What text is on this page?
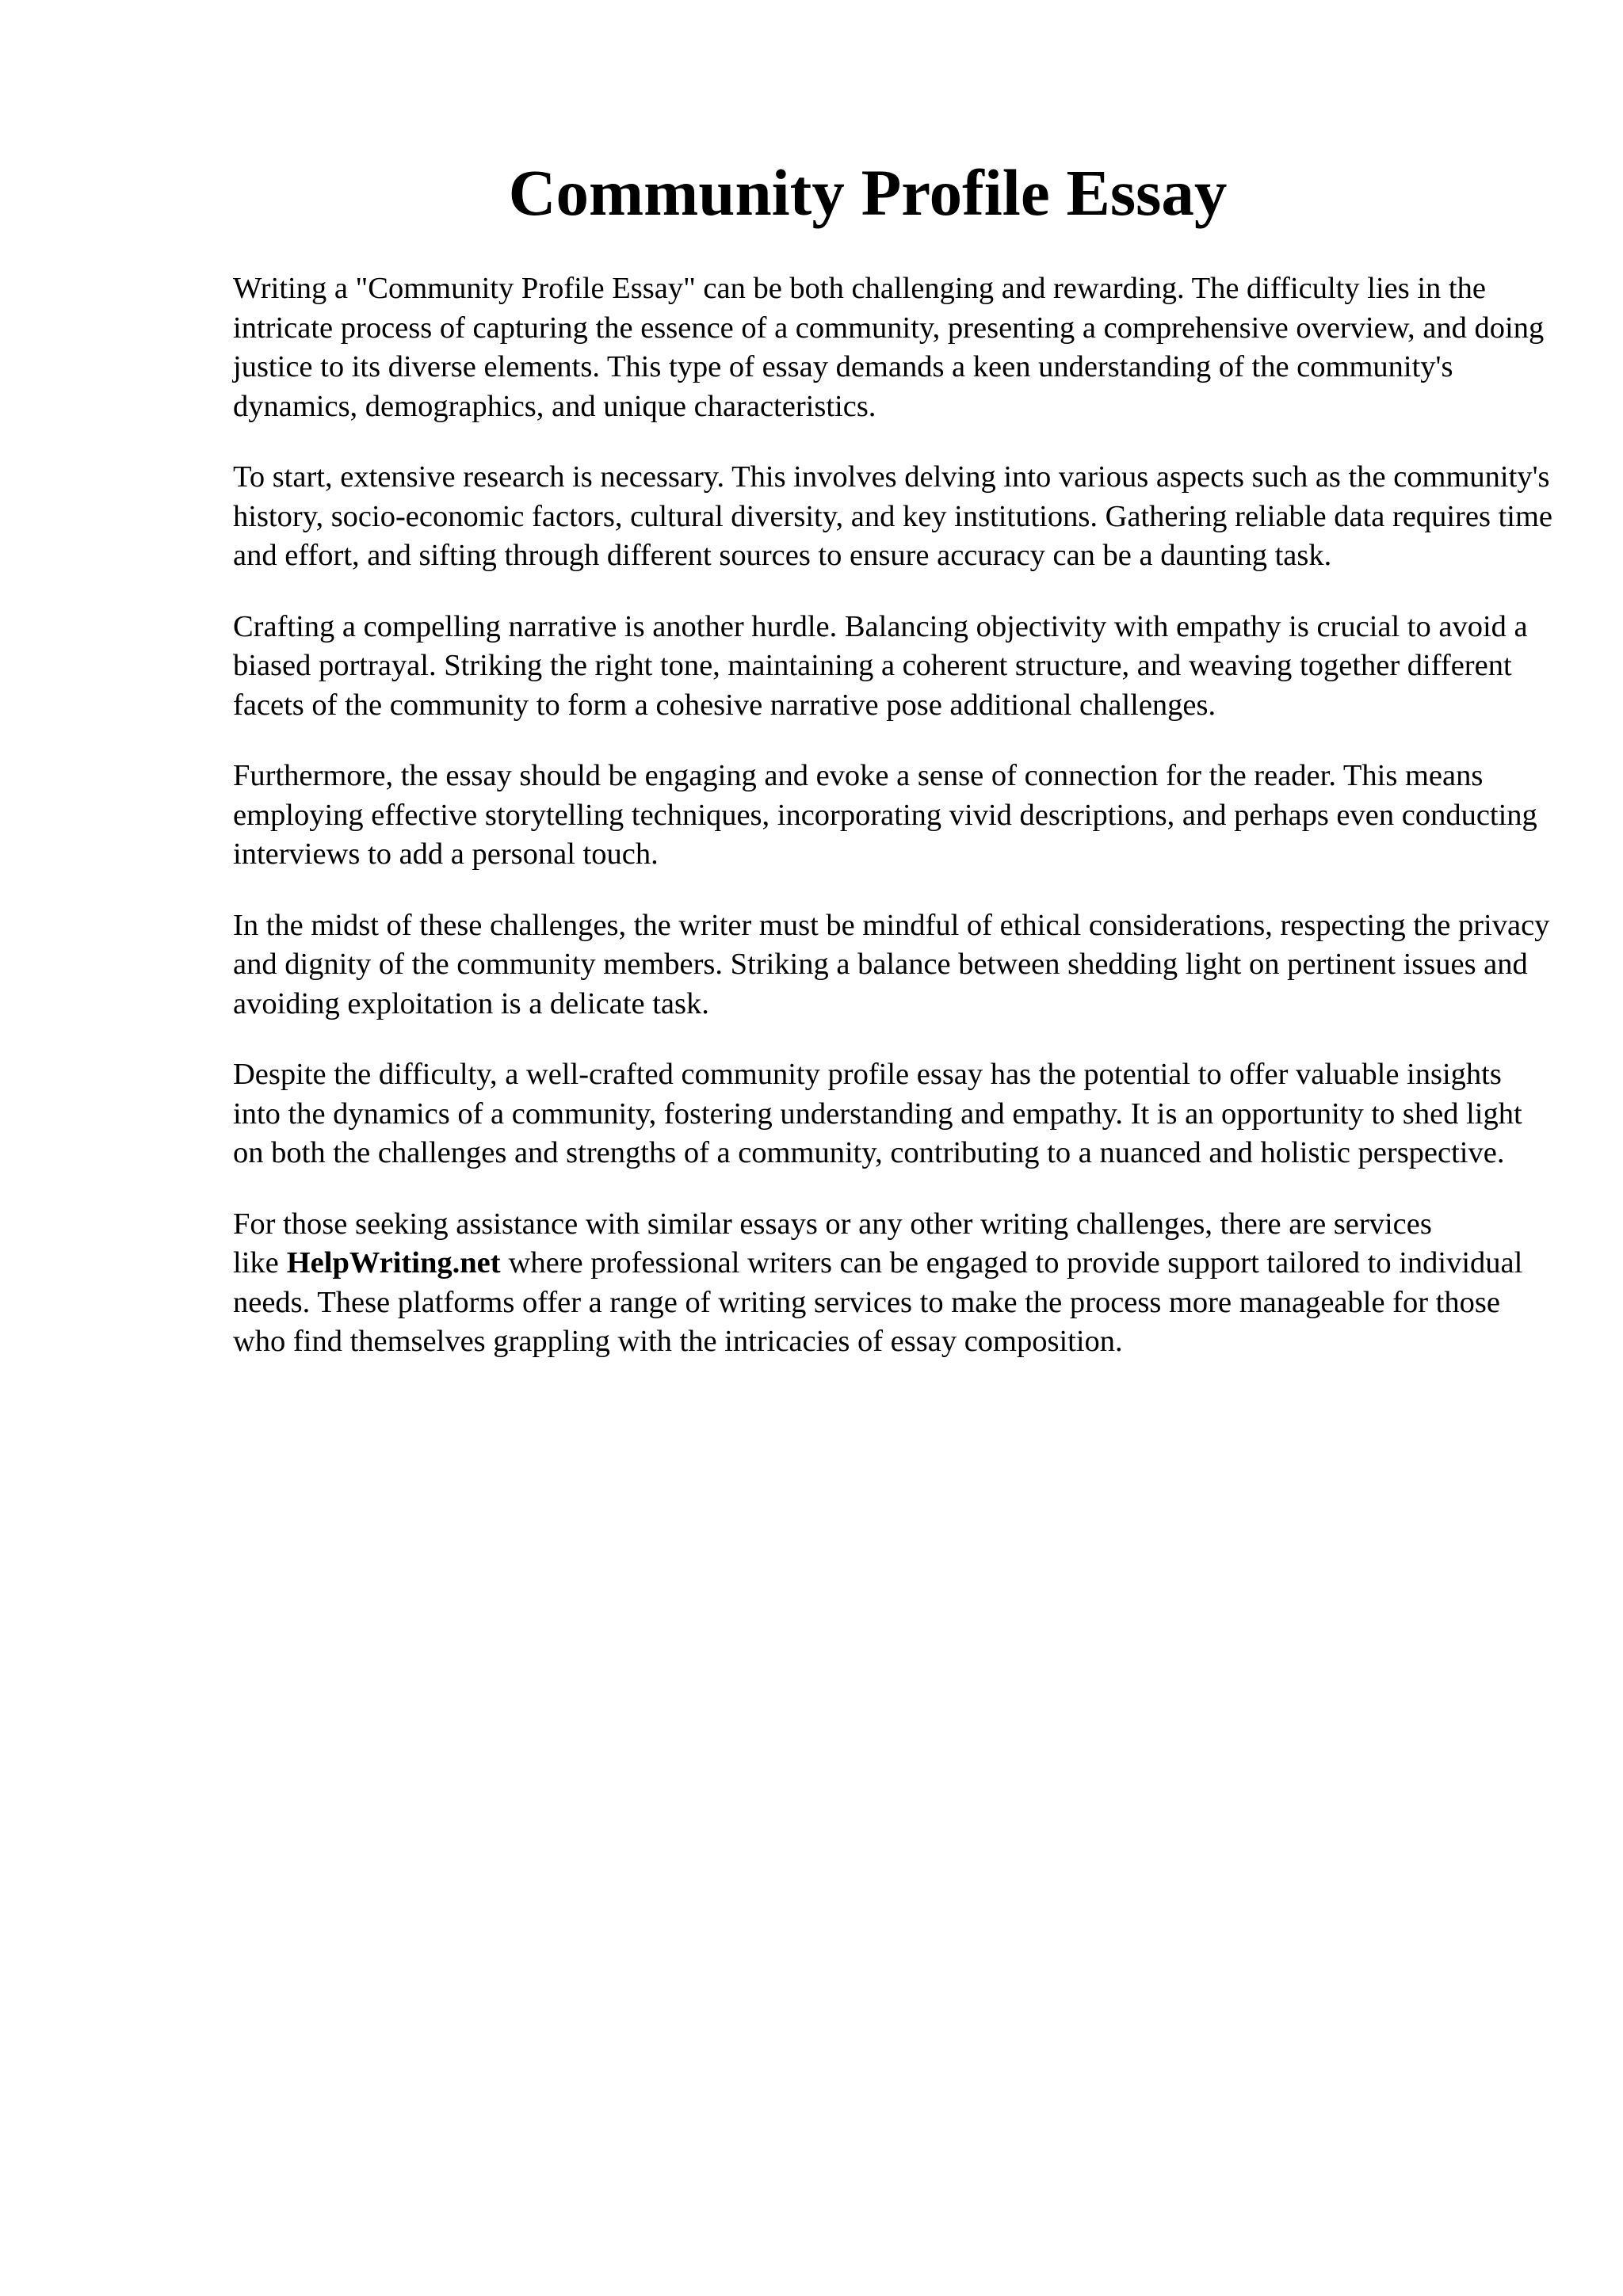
Community Profile Essay

Writing a "Community Profile Essay" can be both challenging and rewarding. The difficulty lies in the intricate process of capturing the essence of a community, presenting a comprehensive overview, and doing justice to its diverse elements. This type of essay demands a keen understanding of the community's dynamics, demographics, and unique characteristics.

To start, extensive research is necessary. This involves delving into various aspects such as the community's history, socio-economic factors, cultural diversity, and key institutions. Gathering reliable data requires time and effort, and sifting through different sources to ensure accuracy can be a daunting task.

Crafting a compelling narrative is another hurdle. Balancing objectivity with empathy is crucial to avoid a biased portrayal. Striking the right tone, maintaining a coherent structure, and weaving together different facets of the community to form a cohesive narrative pose additional challenges.

Furthermore, the essay should be engaging and evoke a sense of connection for the reader. This means employing effective storytelling techniques, incorporating vivid descriptions, and perhaps even conducting interviews to add a personal touch.

In the midst of these challenges, the writer must be mindful of ethical considerations, respecting the privacy and dignity of the community members. Striking a balance between shedding light on pertinent issues and avoiding exploitation is a delicate task.

Despite the difficulty, a well-crafted community profile essay has the potential to offer valuable insights into the dynamics of a community, fostering understanding and empathy. It is an opportunity to shed light on both the challenges and strengths of a community, contributing to a nuanced and holistic perspective.

For those seeking assistance with similar essays or any other writing challenges, there are services like HelpWriting.net where professional writers can be engaged to provide support tailored to individual needs. These platforms offer a range of writing services to make the process more manageable for those who find themselves grappling with the intricacies of essay composition.
